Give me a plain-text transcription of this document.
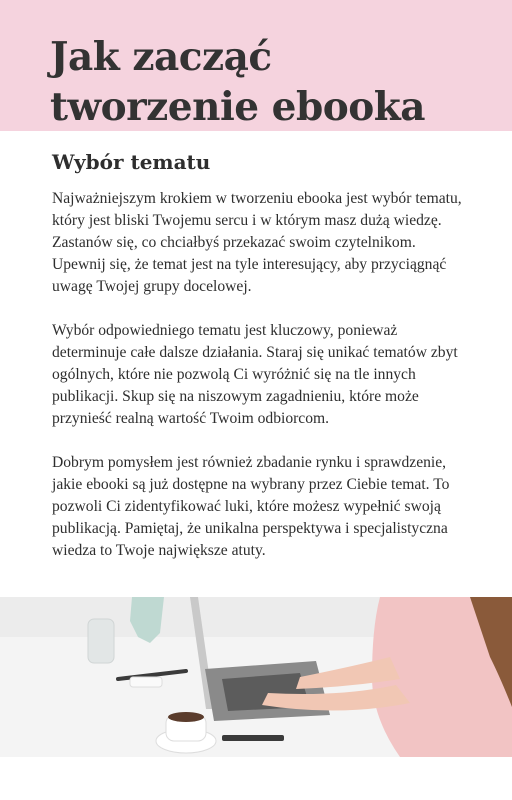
Jak zacząć tworzenie ebooka
Wybór tematu

Najważniejszym krokiem w tworzeniu ebooka jest wybór tematu, który jest bliski Twojemu sercu i w którym masz dużą wiedzę. Zastanów się, co chciałbyś przekazać swoim czytelnikom. Upewnij się, że temat jest na tyle interesujący, aby przyciągnąć uwagę Twojej grupy docelowej.

Wybór odpowiedniego tematu jest kluczowy, ponieważ determinuje całe dalsze działania. Staraj się unikać tematów zbyt ogólnych, które nie pozwolą Ci wyróżnić się na tle innych publikacji. Skup się na niszowym zagadnieniu, które może przynieść realną wartość Twoim odbiorcom.

Dobrym pomysłem jest również zbadanie rynku i sprawdzenie, jakie ebooki są już dostępne na wybrany przez Ciebie temat. To pozwoli Ci zidentyfikować luki, które możesz wypełnić swoją publikacją. Pamiętaj, że unikalna perspektywa i specjalistyczna wiedza to Twoje największe atuty.
